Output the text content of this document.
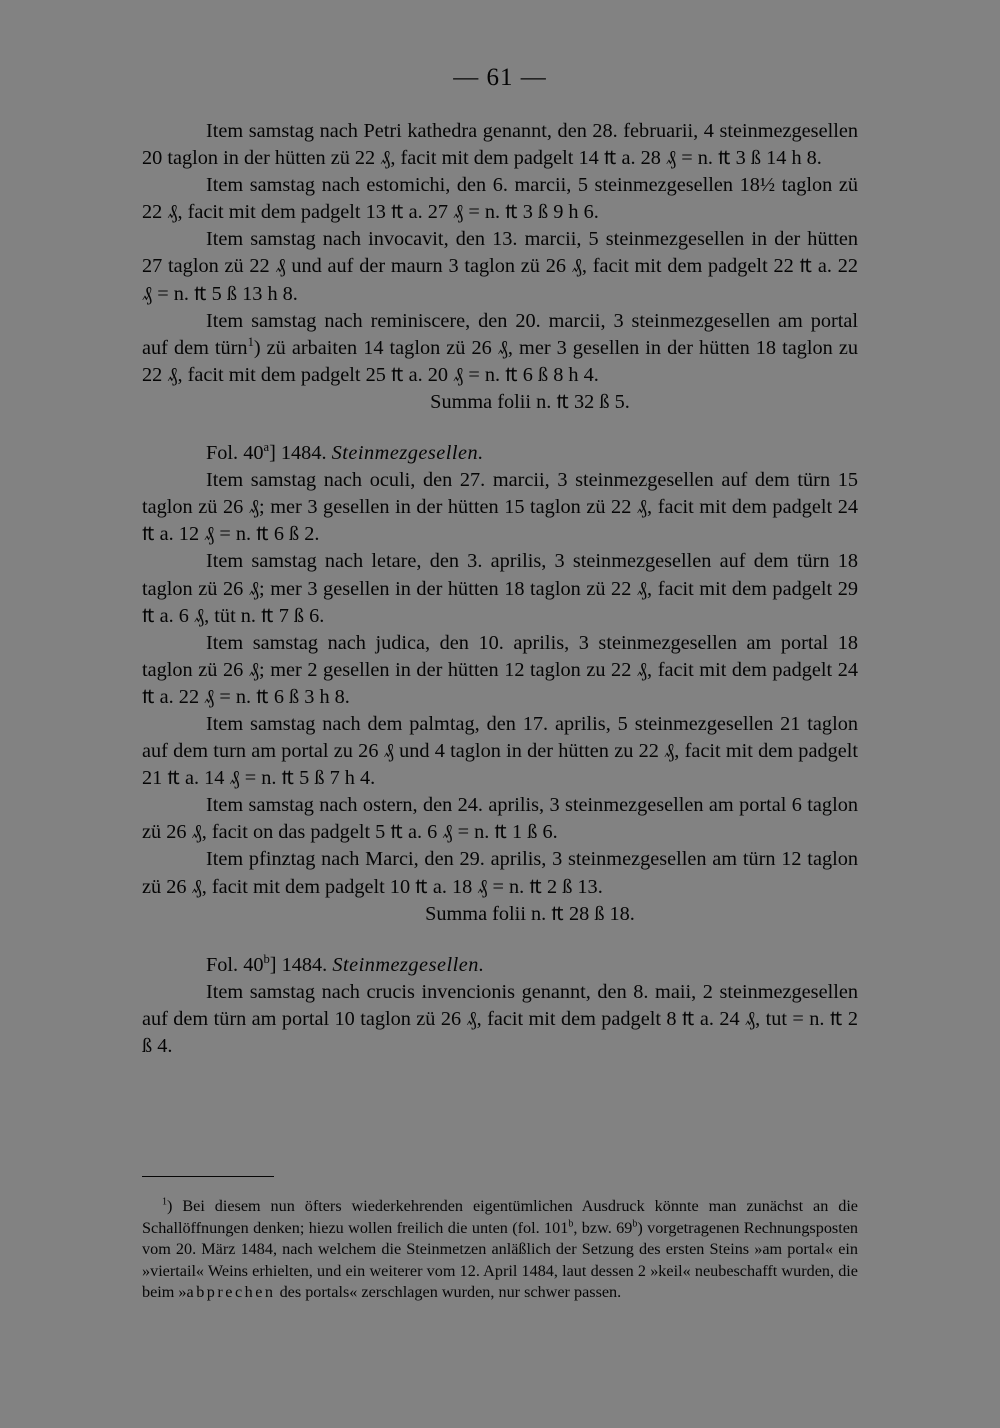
— 61 —

Item samstag nach Petri kathedra genannt, den 28. februarii, 4 steinmezgesellen 20 taglon in der hütten zü 22 ₰, facit mit dem padgelt 14 ₶ a. 28 ₰ = n. ₶ 3 ß 14 h 8.

Item samstag nach estomichi, den 6. marcii, 5 steinmezgesellen 18½ taglon zü 22 ₰, facit mit dem padgelt 13 ₶ a. 27 ₰ = n. ₶ 3 ß 9 h 6.

Item samstag nach invocavit, den 13. marcii, 5 steinmezgesellen in der hütten 27 taglon zü 22 ₰ und auf der maurn 3 taglon zü 26 ₰, facit mit dem padgelt 22 ₶ a. 22 ₰ = n. ₶ 5 ß 13 h 8.

Item samstag nach reminiscere, den 20. marcii, 3 steinmezgesellen am portal auf dem türn$^1$) zü arbaiten 14 taglon zü 26 ₰, mer 3 gesellen in der hütten 18 taglon zu 22 ₰, facit mit dem padgelt 25 ₶ a. 20 ₰ = n. ₶ 6 ß 8 h 4.

Summa folii n. ₶ 32 ß 5.

Fol. 40$^a$] 1484. Steinmezgesellen.

Item samstag nach oculi, den 27. marcii, 3 steinmezgesellen auf dem türn 15 taglon zü 26 ₰; mer 3 gesellen in der hütten 15 taglon zü 22 ₰, facit mit dem padgelt 24 ₶ a. 12 ₰ = n. ₶ 6 ß 2.

Item samstag nach letare, den 3. aprilis, 3 steinmezgesellen auf dem türn 18 taglon zü 26 ₰; mer 3 gesellen in der hütten 18 taglon zü 22 ₰, facit mit dem padgelt 29 ₶ a. 6 ₰, tüt n. ₶ 7 ß 6.

Item samstag nach judica, den 10. aprilis, 3 steinmezgesellen am portal 18 taglon zü 26 ₰; mer 2 gesellen in der hütten 12 taglon zu 22 ₰, facit mit dem padgelt 24 ₶ a. 22 ₰ = n. ₶ 6 ß 3 h 8.

Item samstag nach dem palmtag, den 17. aprilis, 5 steinmezgesellen 21 taglon auf dem turn am portal zu 26 ₰ und 4 taglon in der hütten zu 22 ₰, facit mit dem padgelt 21 ₶ a. 14 ₰ = n. ₶ 5 ß 7 h 4.

Item samstag nach ostern, den 24. aprilis, 3 steinmezgesellen am portal 6 taglon zü 26 ₰, facit on das padgelt 5 ₶ a. 6 ₰ = n. ₶ 1 ß 6.

Item pfinztag nach Marci, den 29. aprilis, 3 steinmezgesellen am türn 12 taglon zü 26 ₰, facit mit dem padgelt 10 ₶ a. 18 ₰ = n. ₶ 2 ß 13.

Summa folii n. ₶ 28 ß 18.

Fol. 40$^b$] 1484. Steinmezgesellen.

Item samstag nach crucis invencionis genannt, den 8. maii, 2 steinmezgesellen auf dem türn am portal 10 taglon zü 26 ₰, facit mit dem padgelt 8 ₶ a. 24 ₰, tut = n. ₶ 2 ß 4.

$^1$) Bei diesem nun öfters wiederkehrenden eigentümlichen Ausdruck könnte man zunächst an die Schallöffnungen denken; hiezu wollen freilich die unten (fol. 101$^b$, bzw. 69$^b$) vorgetragenen Rechnungsposten vom 20. März 1484, nach welchem die Steinmetzen anläßlich der Setzung des ersten Steins »am portal« ein »viertail« Weins erhielten, und ein weiterer vom 12. April 1484, laut dessen 2 »keil« neubeschafft wurden, die beim »abprechen des portals« zerschlagen wurden, nur schwer passen.
